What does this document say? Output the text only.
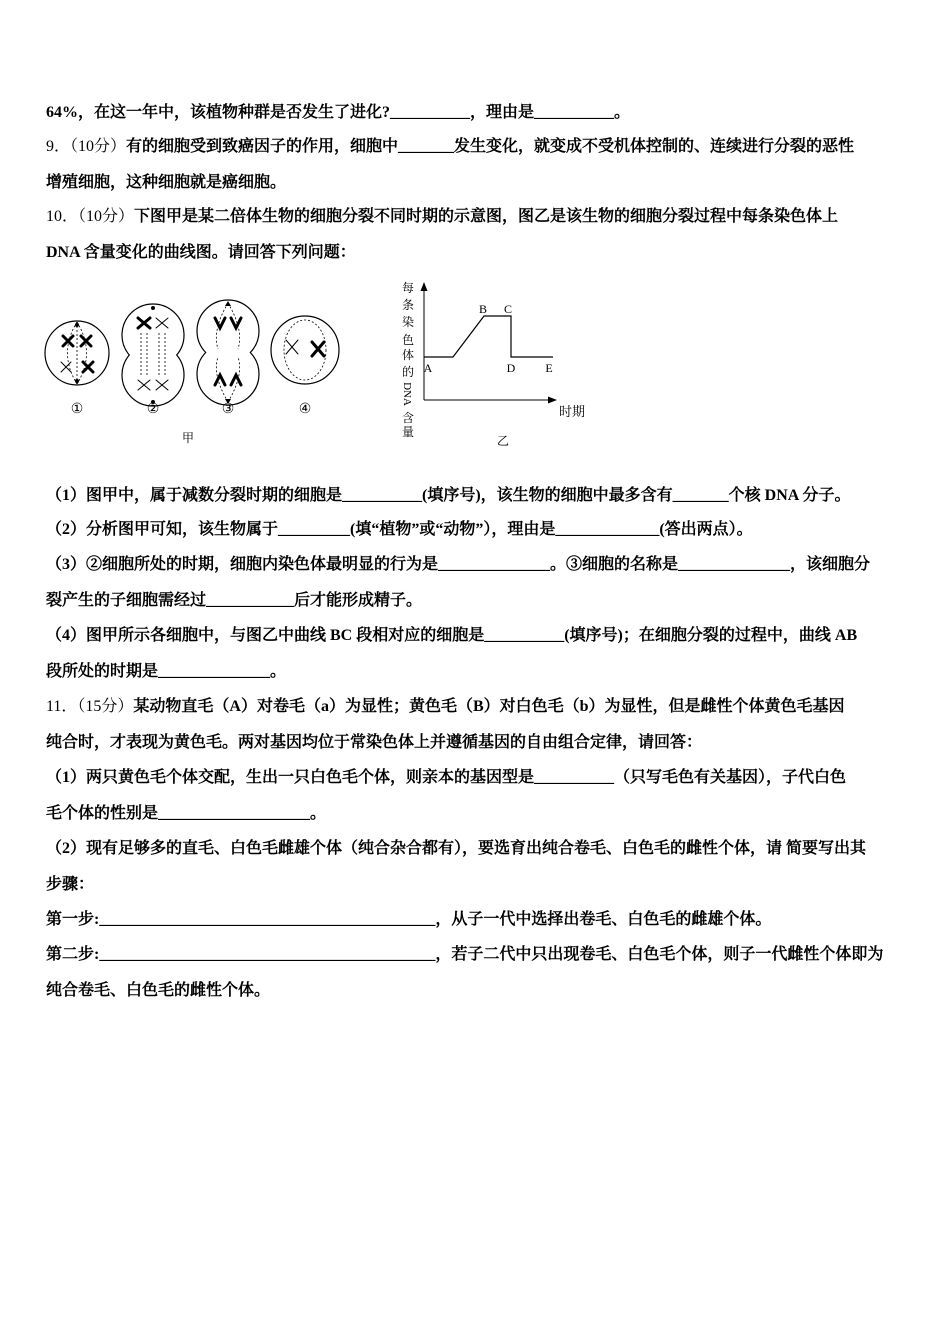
64%，在这一年中，该植物种群是否发生了进化?__________，理由是__________。
9．（10分）有的细胞受到致癌因子的作用，细胞中_______发生变化，就变成不受机体控制的、连续进行分裂的恶性
增殖细胞，这种细胞就是癌细胞。
10．（10分）下图甲是某二倍体生物的细胞分裂不同时期的示意图，图乙是该生物的细胞分裂过程中每条染色体上
DNA 含量变化的曲线图。请回答下列问题：
①	②	③	④
甲
每
条
染
色
体
的
DNA
含
量
A
B C
D E
时期
乙
（1）图甲中，属于减数分裂时期的细胞是__________(填序号)，该生物的细胞中最多含有_______个核 DNA 分子。
（2）分析图甲可知，该生物属于_________(填“植物”或“动物”），理由是_____________(答出两点）。
（3）②细胞所处的时期，细胞内染色体最明显的行为是______________。③细胞的名称是______________，该细胞分
裂产生的子细胞需经过___________后才能形成精子。
（4）图甲所示各细胞中，与图乙中曲线 BC 段相对应的细胞是__________(填序号)；在细胞分裂的过程中，曲线 AB
段所处的时期是______________。
11．（15分）某动物直毛（A）对卷毛（a）为显性；黄色毛（B）对白色毛（b）为显性，但是雌性个体黄色毛基因
纯合时，才表现为黄色毛。两对基因均位于常染色体上并遵循基因的自由组合定律，请回答：
（1）两只黄色毛个体交配，生出一只白色毛个体，则亲本的基因型是__________（只写毛色有关基因），子代白色
毛个体的性别是___________________。
（2）现有足够多的直毛、白色毛雌雄个体（纯合杂合都有），要选育出纯合卷毛、白色毛的雌性个体，请 简要写出其
步骤：
第一步:__________________________________________，从子一代中选择出卷毛、白色毛的雌雄个体。
第二步:__________________________________________，若子二代中只出现卷毛、白色毛个体，则子一代雌性个体即为
纯合卷毛、白色毛的雌性个体。
